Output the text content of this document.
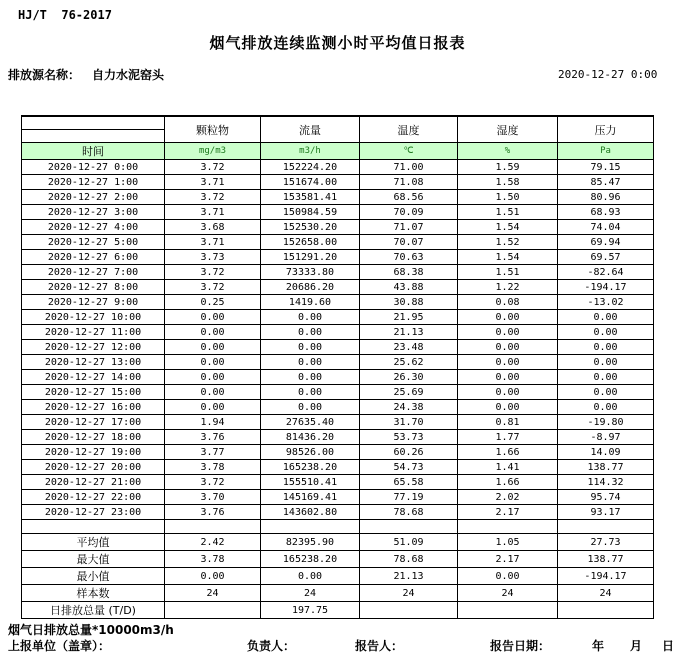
HJ/T  76-2017
烟气排放连续监测小时平均值日报表
排放源名称： 自力水泥窑头	2020-12-27 0:00
	颗粒物	流量	温度	湿度	压力

时间	mg/m3	m3/h	℃	%	Pa
2020-12-27 0:00	3.72	152224.20	71.00	1.59	79.15
2020-12-27 1:00	3.71	151674.00	71.08	1.58	85.47
2020-12-27 2:00	3.72	153581.41	68.56	1.50	80.96
2020-12-27 3:00	3.71	150984.59	70.09	1.51	68.93
2020-12-27 4:00	3.68	152530.20	71.07	1.54	74.04
2020-12-27 5:00	3.71	152658.00	70.07	1.52	69.94
2020-12-27 6:00	3.73	151291.20	70.63	1.54	69.57
2020-12-27 7:00	3.72	73333.80	68.38	1.51	-82.64
2020-12-27 8:00	3.72	20686.20	43.88	1.22	-194.17
2020-12-27 9:00	0.25	1419.60	30.88	0.08	-13.02
2020-12-27 10:00	0.00	0.00	21.95	0.00	0.00
2020-12-27 11:00	0.00	0.00	21.13	0.00	0.00
2020-12-27 12:00	0.00	0.00	23.48	0.00	0.00
2020-12-27 13:00	0.00	0.00	25.62	0.00	0.00
2020-12-27 14:00	0.00	0.00	26.30	0.00	0.00
2020-12-27 15:00	0.00	0.00	25.69	0.00	0.00
2020-12-27 16:00	0.00	0.00	24.38	0.00	0.00
2020-12-27 17:00	1.94	27635.40	31.70	0.81	-19.80
2020-12-27 18:00	3.76	81436.20	53.73	1.77	-8.97
2020-12-27 19:00	3.77	98526.00	60.26	1.66	14.09
2020-12-27 20:00	3.78	165238.20	54.73	1.41	138.77
2020-12-27 21:00	3.72	155510.41	65.58	1.66	114.32
2020-12-27 22:00	3.70	145169.41	77.19	2.02	95.74
2020-12-27 23:00	3.76	143602.80	78.68	2.17	93.17

平均值	2.42	82395.90	51.09	1.05	27.73
最大值	3.78	165238.20	78.68	2.17	138.77
最小值	0.00	0.00	21.13	0.00	-194.17
样本数	24	24	24	24	24
日排放总量 (T/D)		197.75			
烟气日排放总量*10000m3/h
上报单位（盖章）：	负责人：	报告人：	报告日期：	年 月 日
